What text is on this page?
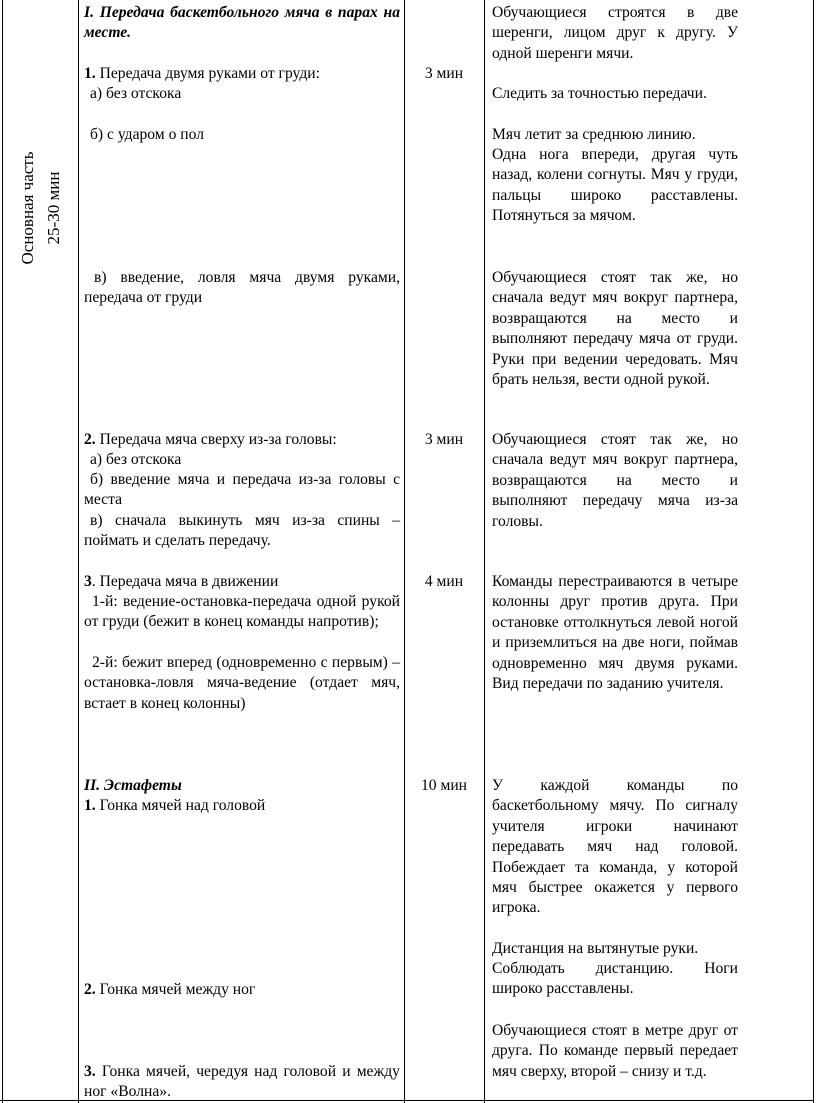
Основная часть 25-30 мин

I. Передача баскетбольного мяча в парах на месте.

1. Передача двумя руками от груди:

а) без отскока

б) с ударом о пол

в) введение, ловля мяча двумя руками, передача от груди

2. Передача мяча сверху из-за головы:

а) без отскока

б) введение мяча и передача из-за головы с места

в) сначала выкинуть мяч из-за спины – поймать и сделать передачу.

3. Передача мяча в движении

1-й: ведение-остановка-передача одной рукой от груди (бежит в конец команды напротив);

2-й: бежит вперед (одновременно с первым) – остановка-ловля мяча-ведение (отдает мяч, встает в конец колонны)

II. Эстафеты

1. Гонка мячей над головой

2. Гонка мячей между ног

3. Гонка мячей, чередуя над головой и между ног «Волна».

3 мин

3 мин

4 мин

10 мин

Обучающиеся строятся в две шеренги, лицом друг к другу. У одной шеренги мячи.

Следить за точностью передачи.

Мяч летит за среднюю линию.

Одна нога впереди, другая чуть назад, колени согнуты. Мяч у груди, пальцы широко расставлены. Потянуться за мячом.

Обучающиеся стоят так же, но сначала ведут мяч вокруг партнера, возвращаются на место и выполняют передачу мяча от груди. Руки при ведении чередовать. Мяч брать нельзя, вести одной рукой.

Обучающиеся стоят так же, но сначала ведут мяч вокруг партнера, возвращаются на место и выполняют передачу мяча из-за головы.

Команды перестраиваются в четыре колонны друг против друга. При остановке оттолкнуться левой ногой и приземлиться на две ноги, поймав одновременно мяч двумя руками. Вид передачи по заданию учителя.

У каждой команды по баскетбольному мячу. По сигналу учителя игроки начинают передавать мяч над головой. Побеждает та команда, у которой мяч быстрее окажется у первого игрока.

Дистанция на вытянутые руки.

Соблюдать дистанцию. Ноги широко расставлены.

Обучающиеся стоят в метре друг от друга. По команде первый передает мяч сверху, второй – снизу и т.д.
